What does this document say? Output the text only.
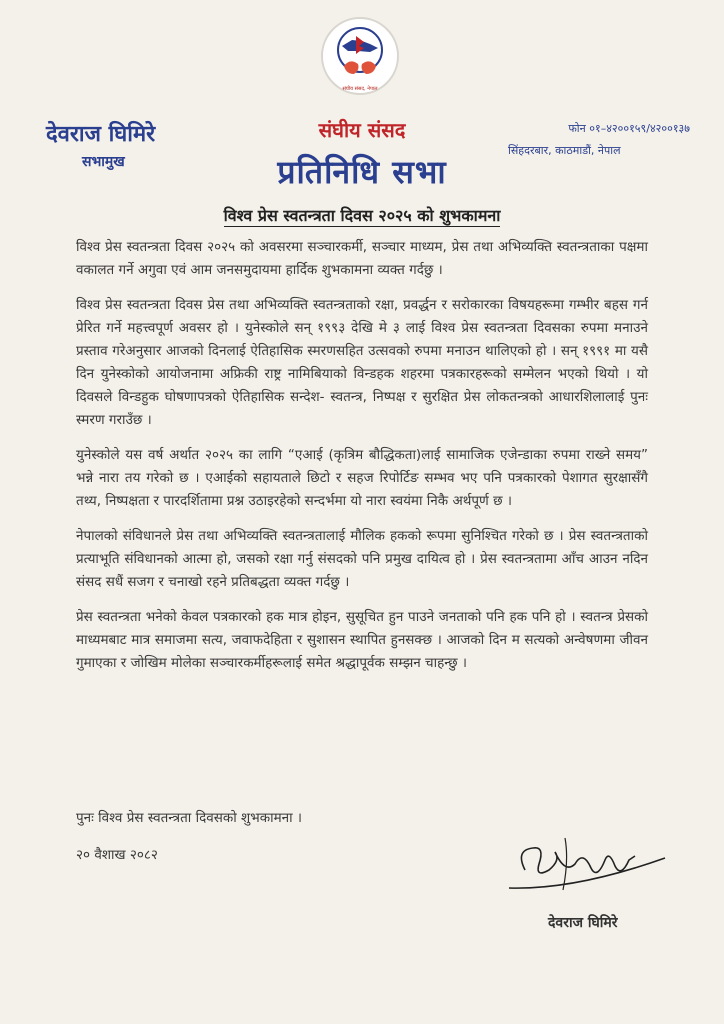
संघीय संसद, नेपाल
देवराज घिमिरे
सभामुख
संघीय संसद
प्रतिनिधि सभा
फोन ०१–४२००१५९/४२००१३७
सिंहदरबार, काठमाडौं, नेपाल
विश्व प्रेस स्वतन्त्रता दिवस २०२५ को शुभकामना

विश्व प्रेस स्वतन्त्रता दिवस २०२५ को अवसरमा सञ्चारकर्मी, सञ्चार माध्यम, प्रेस तथा अभिव्यक्ति स्वतन्त्रताका पक्षमा वकालत गर्ने अगुवा एवं आम जनसमुदायमा हार्दिक शुभकामना व्यक्त गर्दछु ।

विश्व प्रेस स्वतन्त्रता दिवस प्रेस तथा अभिव्यक्ति स्वतन्त्रताको रक्षा, प्रवर्द्धन र सरोकारका विषयहरूमा गम्भीर बहस गर्न प्रेरित गर्ने महत्त्वपूर्ण अवसर हो । युनेस्कोले सन् १९९३ देखि मे ३ लाई विश्व प्रेस स्वतन्त्रता दिवसका रुपमा मनाउने प्रस्ताव गरेअनुसार आजको दिनलाई ऐतिहासिक स्मरणसहित उत्सवको रुपमा मनाउन थालिएको हो । सन् १९९१ मा यसै दिन युनेस्कोको आयोजनामा अफ्रिकी राष्ट्र नामिबियाको विन्डहक शहरमा पत्रकारहरूको सम्मेलन भएको थियो । यो दिवसले विन्डहुक घोषणापत्रको ऐतिहासिक सन्देश- स्वतन्त्र, निष्पक्ष र सुरक्षित प्रेस लोकतन्त्रको आधारशिलालाई पुनः स्मरण गराउँछ ।

युनेस्कोले यस वर्ष अर्थात २०२५ का लागि “एआई (कृत्रिम बौद्धिकता)लाई सामाजिक एजेन्डाका रुपमा राख्ने समय” भन्ने नारा तय गरेको छ । एआईको सहायताले छिटो र सहज रिपोर्टिङ सम्भव भए पनि पत्रकारको पेशागत सुरक्षासँगै तथ्य, निष्पक्षता र पारदर्शितामा प्रश्न उठाइरहेको सन्दर्भमा यो नारा स्वयंमा निकै अर्थपूर्ण छ ।

नेपालको संविधानले प्रेस तथा अभिव्यक्ति स्वतन्त्रतालाई मौलिक हकको रूपमा सुनिश्चित गरेको छ । प्रेस स्वतन्त्रताको प्रत्याभूति संविधानको आत्मा हो, जसको रक्षा गर्नु संसदको पनि प्रमुख दायित्व हो । प्रेस स्वतन्त्रतामा आँच आउन नदिन संसद सधैं सजग र चनाखो रहने प्रतिबद्धता व्यक्त गर्दछु ।

प्रेस स्वतन्त्रता भनेको केवल पत्रकारको हक मात्र होइन, सुसूचित हुन पाउने जनताको पनि हक पनि हो । स्वतन्त्र प्रेसको माध्यमबाट मात्र समाजमा सत्य, जवाफदेहिता र सुशासन स्थापित हुनसक्छ । आजको दिन म सत्यको अन्वेषणमा जीवन गुमाएका र जोखिम मोलेका सञ्चारकर्मीहरूलाई समेत श्रद्धापूर्वक सम्झन चाहन्छु ।

पुनः विश्व प्रेस स्वतन्त्रता दिवसको शुभकामना ।
२० वैशाख २०८२
देवराज घिमिरे
